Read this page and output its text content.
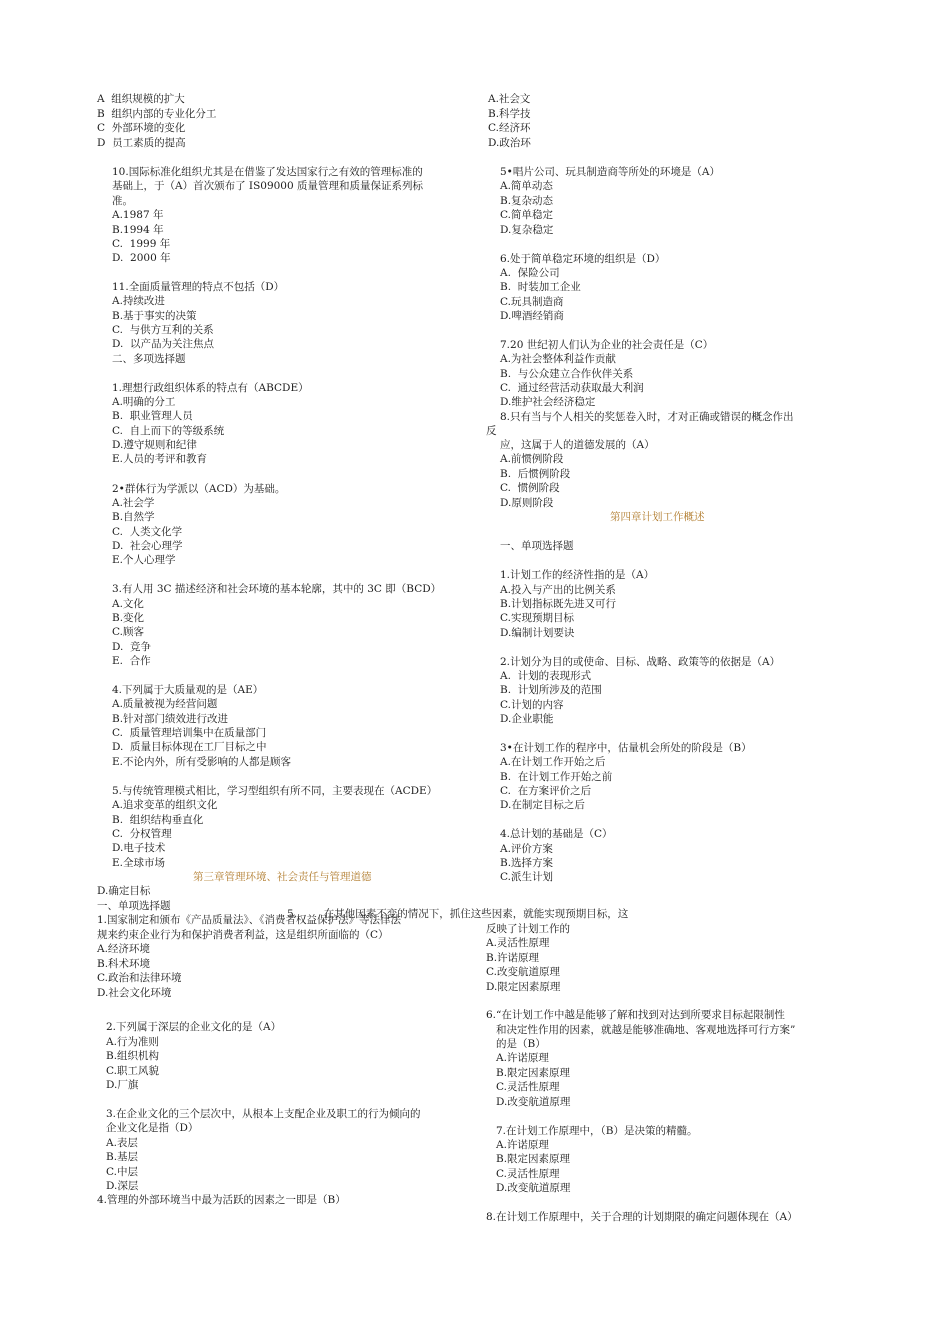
A  组织规模的扩大
B  组织内部的专业化分工
C  外部环境的变化
D  员工素质的提高
10.国际标准化组织尤其是在借鉴了发达国家行之有效的管理标准的
基础上，于（A）首次颁布了 IS09000 质量管理和质量保证系列标
准。
A.1987 年
B.1994 年
C.  1999 年
D.  2000 年
11.全面质量管理的特点不包括（D）
A.持续改进
B.基于事实的决策
C.  与供方互利的关系
D.  以产品为关注焦点
二、多项选择题
1.理想行政组织体系的特点有（ABCDE）
A.明确的分工
B.  职业管理人员
C.  自上而下的等级系统
D.遵守规则和纪律
E.人员的考评和教育
2•群体行为学派以（ACD）为基础。
A.社会学
B.自然学
C.  人类文化学
D.  社会心理学
E.个人心理学
3.有人用 3C 描述经济和社会环境的基本轮廓，其中的 3C 即（BCD）
A.文化
B.变化
C.顾客
D.  竞争
E.  合作
4.下列属于大质量观的是（AE）
A.质量被视为经营问题
B.针对部门绩效进行改进
C.  质量管理培训集中在质量部门
D.  质量目标体现在工厂目标之中
E.不论内外，所有受影响的人都是顾客
5.与传统管理模式相比，学习型组织有所不同，主要表现在（ACDE）
A.追求变革的组织文化
B.  组织结构垂直化
C.  分权管理
D.电子技术
E.全球市场
第三章管理环境、社会责任与管理道德
D.确定目标
一、单项选择题
1.国家制定和颁布《产品质量法》、《消费者权益保护法》等法律法
规来约束企业行为和保护消费者利益，这是组织所面临的（C）
A.经济环境
B.科术环境
C.政治和法律环境
D.社会文化环境
2.下列属于深层的企业文化的是（A）
A.行为准则
B.组织机构
C.职工风貌
D.厂旗
3.在企业文化的三个层次中，从根本上支配企业及职工的行为倾向的
企业文化是指（D）
A.表层
B.基层
C.中层
D.深层
4.管理的外部环境当中最为活跃的因素之一即是（B）
A.社会文
B.科学技
C.经济环
D.政治环
5•唱片公司、玩具制造商等所处的环境是（A）
A.简单动态
B.复杂动态
C.简单稳定
D.复杂稳定
6.处于简单稳定环境的组织是（D）
A.  保险公司
B.  时装加工企业
C.玩具制造商
D.啤酒经销商
7.20 世纪初人们认为企业的社会责任是（C）
A.为社会整体利益作贡献
B.  与公众建立合作伙伴关系
C.  通过经营活动获取最大利润
D.维护社会经济稳定
8.只有当与个人相关的奖惩卷入时，才对正确或错误的概念作出
反
应，这属于人的道德发展的（A）
A.前惯例阶段
B.  后惯例阶段
C.  惯例阶段
D.原则阶段
第四章计划工作概述
一、单项选择题
1.计划工作的经济性指的是（A）
A.投入与产出的比例关系
B.计划指标既先进又可行
C.实现预期目标
D.编制计划要诀
2.计划分为目的或使命、目标、战略、政策等的依据是（A）
A.  计划的表现形式
B.  计划所涉及的范围
C.计划的内容
D.企业职能
3•在计划工作的程序中，估量机会所处的阶段是（B）
A.在计划工作开始之后
B.  在计划工作开始之前
C.  在方案评价之后
D.在制定目标之后
4.总计划的基础是（C）
A.评价方案
B.选择方案
C.派生计划
5.        在其他因素不变的情况下，抓住这些因素，就能实现预期目标，这
反映了计划工作的
A.灵活性原理
B.许诺原理
C.改变航道原理
D.限定因素原理
6.“在计划工作中越是能够了解和找到对达到所要求目标起限制性
和决定性作用的因素，就越是能够准确地、客观地选择可行方案”
的是（B）
A.许诺原理
B.限定因素原理
C.灵活性原理
D.改变航道原理
7.在计划工作原理中，（B）是决策的精髓。
A.许诺原理
B.限定因素原理
C.灵活性原理
D.改变航道原理
8.在计划工作原理中，关于合理的计划期限的确定问题体现在（A）
